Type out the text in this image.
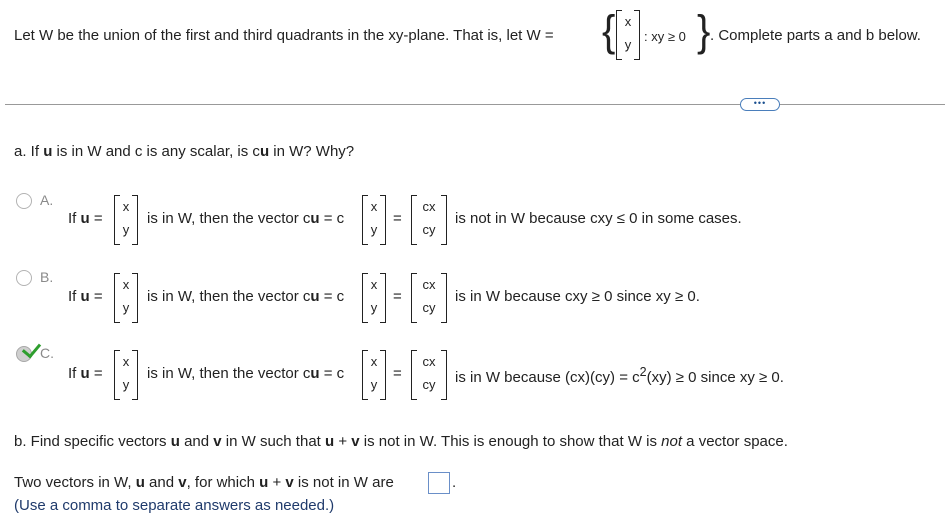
Let W be the union of the first and third quadrants in the xy-plane. That is, let W = { x
y
: xy ≥ 0 } . Complete parts a and b below.
•••
a. If u is in W and c is any scalar, is cu in W? Why?
A.
If u =
x
y
is in W, then the vector cu = c
x
y
=
cx
cy
is not in W because cxy ≤ 0 in some cases.
B.
If u =
x
y
is in W, then the vector cu = c
x
y
=
cx
cy
is in W because cxy ≥ 0 since xy ≥ 0.
C.
If u =
x
y
is in W, then the vector cu = c
x
y
=
cx
cy	is in W because $(cx)(cy) = c^2(xy) \ge 0$ since xy ≥ 0.
b. Find specific vectors u and v in W such that u + v is not in W. This is enough to show that W is not a vector space.
Two vectors in W, u and v, for which u + v is not in W are	.
(Use a comma to separate answers as needed.)
